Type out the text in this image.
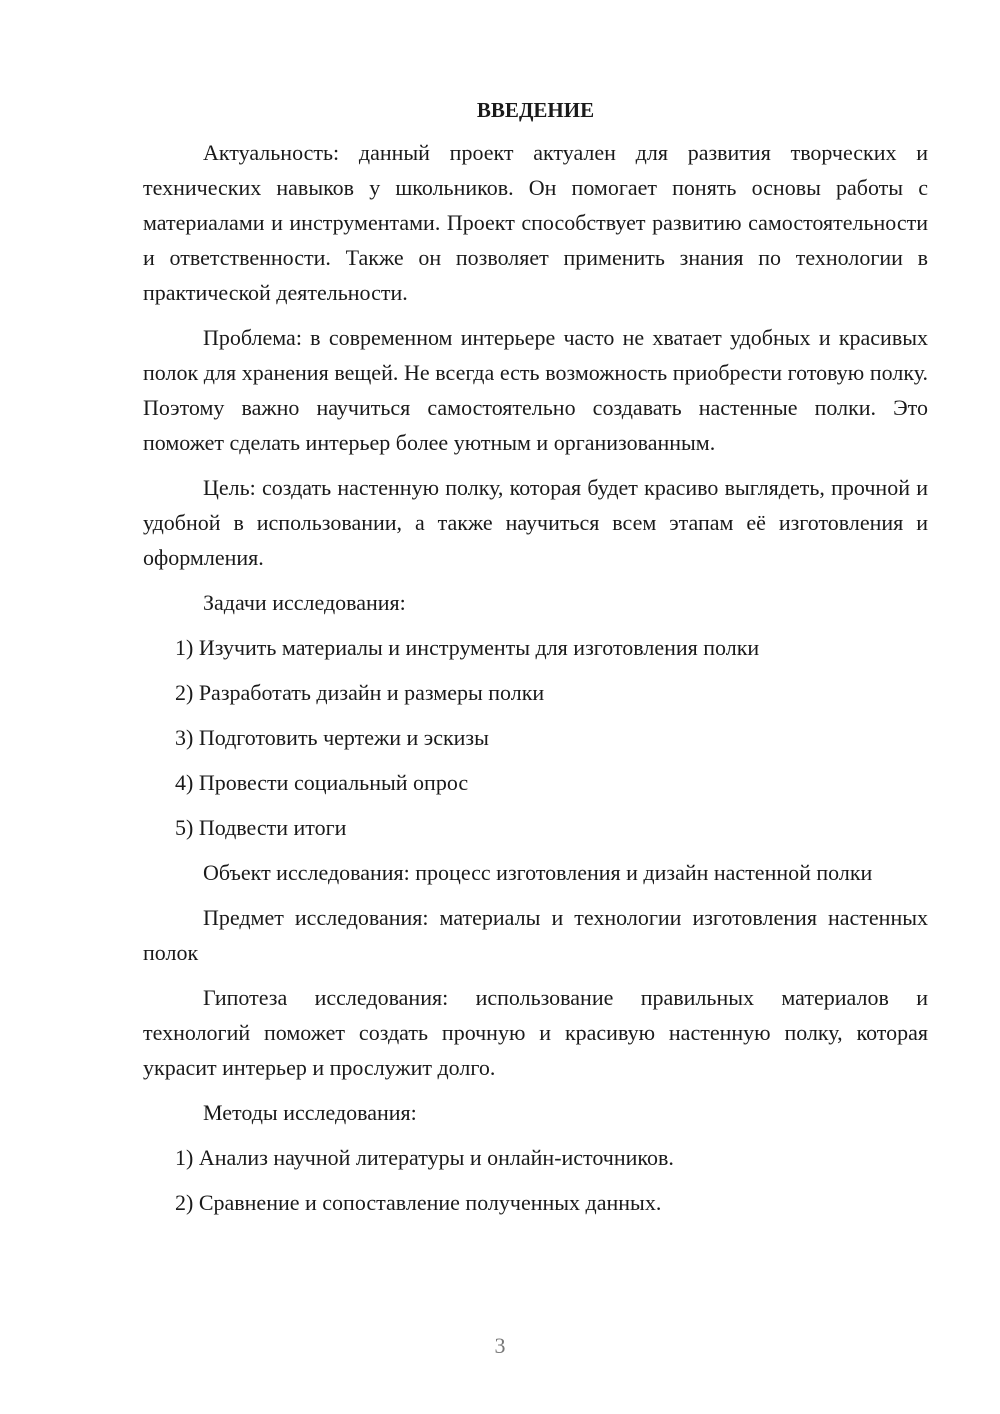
ВВЕДЕНИЕ

Актуальность: данный проект актуален для развития творческих и технических навыков у школьников. Он помогает понять основы работы с материалами и инструментами. Проект способствует развитию самостоятельности и ответственности. Также он позволяет применить знания по технологии в практической деятельности.

Проблема: в современном интерьере часто не хватает удобных и красивых полок для хранения вещей. Не всегда есть возможность приобрести готовую полку. Поэтому важно научиться самостоятельно создавать настенные полки. Это поможет сделать интерьер более уютным и организованным.

Цель: создать настенную полку, которая будет красиво выглядеть, прочной и удобной в использовании, а также научиться всем этапам её изготовления и оформления.

Задачи исследования:
1) Изучить материалы и инструменты для изготовления полки
2) Разработать дизайн и размеры полки
3) Подготовить чертежи и эскизы
4) Провести социальный опрос
5) Подвести итоги

Объект исследования: процесс изготовления и дизайн настенной полки

Предмет исследования: материалы и технологии изготовления настенных полок

Гипотеза исследования: использование правильных материалов и технологий поможет создать прочную и красивую настенную полку, которая украсит интерьер и прослужит долго.

Методы исследования:
1) Анализ научной литературы и онлайн-источников.
2) Сравнение и сопоставление полученных данных.
3
